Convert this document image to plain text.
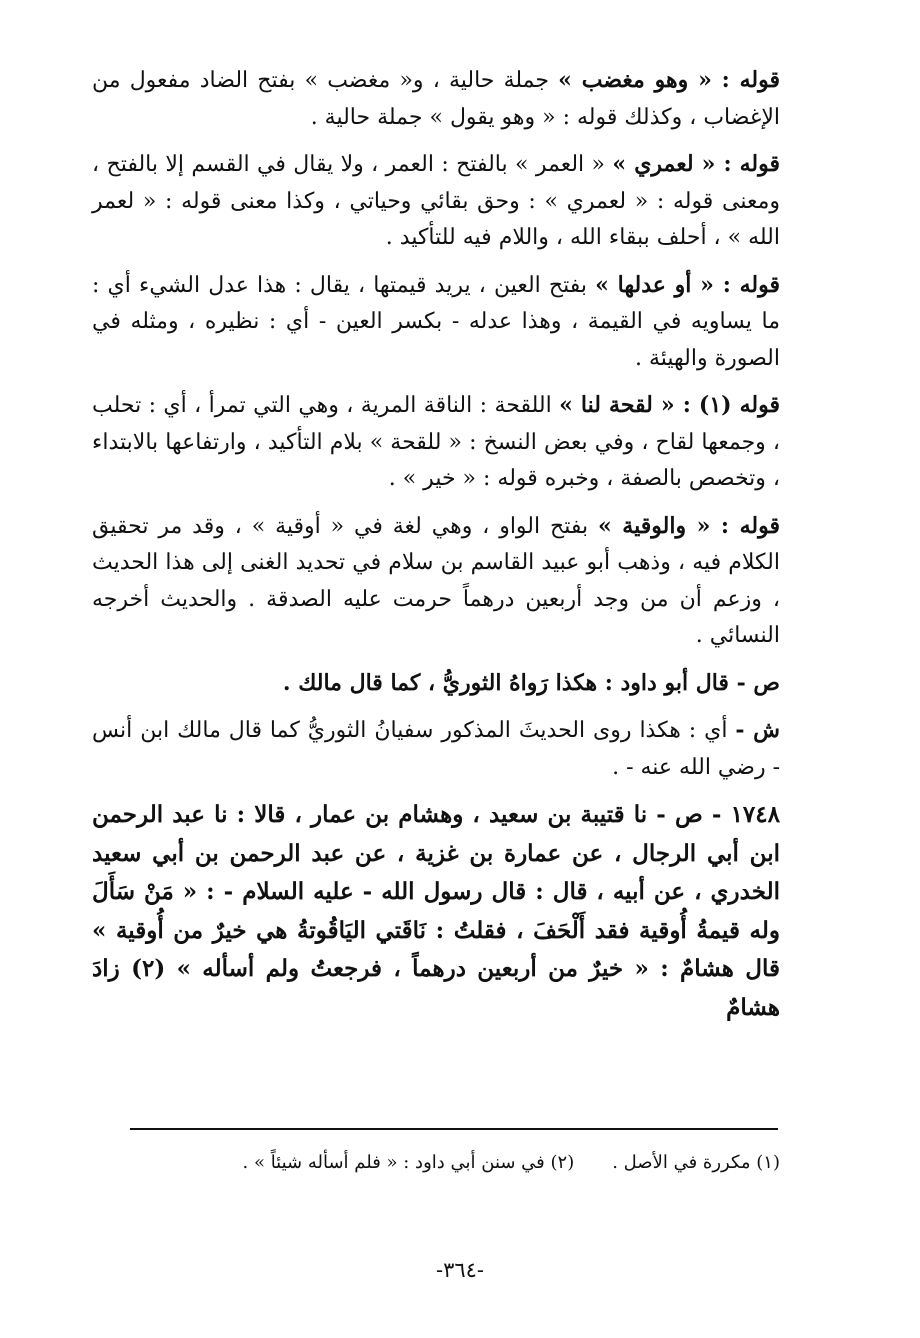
قوله : « وهو مغضب » جملة حالية ، و« مغضب » بفتح الضاد مفعول من الإغضاب ، وكذلك قوله : « وهو يقول » جملة حالية .

قوله : « لعمري » « العمر » بالفتح : العمر ، ولا يقال في القسم إلا بالفتح ، ومعنى قوله : « لعمري » : وحق بقائي وحياتي ، وكذا معنى قوله : « لعمر الله » ، أحلف ببقاء الله ، واللام فيه للتأكيد .

قوله : « أو عدلها » بفتح العين ، يريد قيمتها ، يقال : هذا عدل الشيء أي : ما يساويه في القيمة ، وهذا عدله - بكسر العين - أي : نظيره ، ومثله في الصورة والهيئة .

قوله (١) : « لقحة لنا » اللقحة : الناقة المرية ، وهي التي تمرأ ، أي : تحلب ، وجمعها لقاح ، وفي بعض النسخ : « للقحة » بلام التأكيد ، وارتفاعها بالابتداء ، وتخصص بالصفة ، وخبره قوله : « خير » .

قوله : « والوقية » بفتح الواو ، وهي لغة في « أوقية » ، وقد مر تحقيق الكلام فيه ، وذهب أبو عبيد القاسم بن سلام في تحديد الغنى إلى هذا الحديث ، وزعم أن من وجد أربعين درهماً حرمت عليه الصدقة . والحديث أخرجه النسائي .

ص - قال أبو داود : هكذا رَواهُ الثوريُّ ، كما قال مالك .

ش - أي : هكذا روى الحديثَ المذكور سفيانُ الثوريُّ كما قال مالك ابن أنس - رضي الله عنه - .

١٧٤٨ - ص - نا قتيبة بن سعيد ، وهشام بن عمار ، قالا : نا عبد الرحمن ابن أبي الرجال ، عن عمارة بن غزية ، عن عبد الرحمن بن أبي سعيد الخدري ، عن أبيه ، قال : قال رسول الله - عليه السلام - : « مَنْ سَأَلَ وله قيمةُ أُوقية فقد أَلْحَفَ ، فقلتُ : نَاقَتي اليَاقُوتةُ هي خيرٌ من أُوقية » قال هشامٌ : « خيرٌ من أربعين درهماً ، فرجعتُ ولم أسأله » (٢) زادَ هشامٌ

(١) مكررة في الأصل .
(٢) في سنن أبي داود : « فلم أسأله شيئاً » .
-٣٦٤-
